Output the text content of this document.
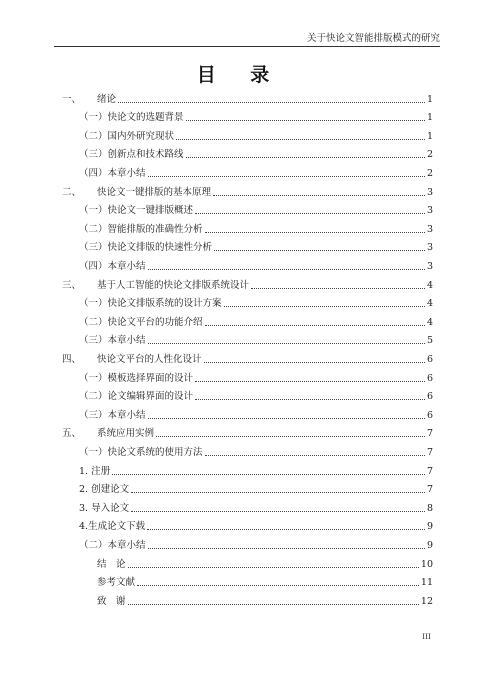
关于快论文智能排版模式的研究
目 录
一、	绪论	1
（一）快论文的选题背景	1
（二）国内外研究现状	1
（三）创新点和技术路线	2
（四）本章小结	2
二、	快论文一键排版的基本原理	3
（一）快论文一键排版概述	3
（二）智能排版的准确性分析	3
（三）快论文排版的快速性分析	3
（四）本章小结	3
三、	基于人工智能的快论文排版系统设计	4
（一）快论文排版系统的设计方案	4
（二）快论文平台的功能介绍	4
（三）本章小结	5
四、	快论文平台的人性化设计	6
（一）模板选择界面的设计	6
（二）论文编辑界面的设计	6
（三）本章小结	6
五、	系统应用实例	7
（一）快论文系统的使用方法	7
1. 注册	7
2. 创建论文	7
3. 导入论文	8
4.生成论文下载	9
（二）本章小结	9
结　论	10
参考文献	11
致　谢	12
III
